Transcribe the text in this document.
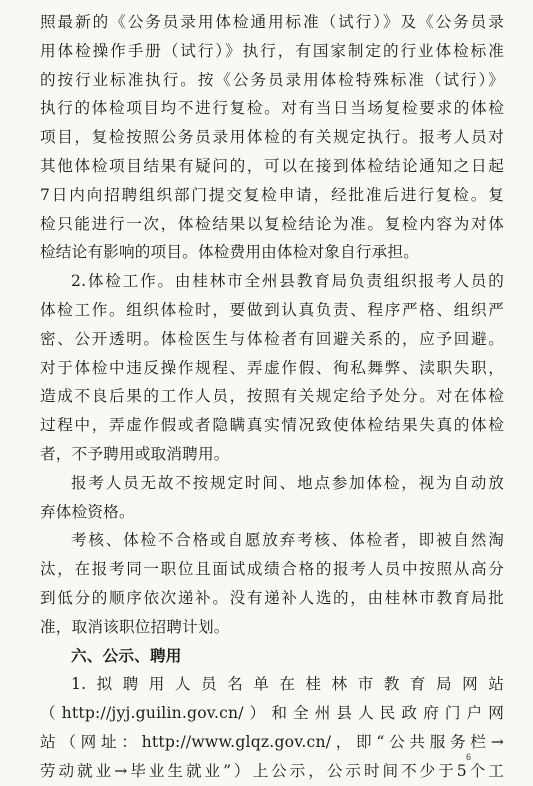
照最新的《公务员录用体检通用标准（试行）》及《公务员录
用体检操作手册（试行）》执行，有国家制定的行业体检标准
的按行业标准执行。按《公务员录用体检特殊标准（试行）》
执行的体检项目均不进行复检。对有当日当场复检要求的体检
项目，复检按照公务员录用体检的有关规定执行。报考人员对
其他体检项目结果有疑问的，可以在接到体检结论通知之日起
7日内向招聘组织部门提交复检申请，经批准后进行复检。复
检只能进行一次，体检结果以复检结论为准。复检内容为对体
检结论有影响的项目。体检费用由体检对象自行承担。
2.体检工作。由桂林市全州县教育局负责组织报考人员的
体检工作。组织体检时，要做到认真负责、程序严格、组织严
密、公开透明。体检医生与体检者有回避关系的，应予回避。
对于体检中违反操作规程、弄虚作假、徇私舞弊、渎职失职，
造成不良后果的工作人员，按照有关规定给予处分。对在体检
过程中，弄虚作假或者隐瞒真实情况致使体检结果失真的体检
者，不予聘用或取消聘用。
报考人员无故不按规定时间、地点参加体检，视为自动放
弃体检资格。
考核、体检不合格或自愿放弃考核、体检者，即被自然淘
汰，在报考同一职位且面试成绩合格的报考人员中按照从高分
到低分的顺序依次递补。没有递补人选的，由桂林市教育局批
准，取消该职位招聘计划。
六、公示、聘用
1.拟聘用人员名单在桂林市教育局网站
（http://jyj.guilin.gov.cn/）和全州县人民政府门户网
站（网址：http://www.glqz.gov.cn/，即“公共服务栏→
劳动就业→毕业生就业”）上公示，公示时间不少于5个工
6
